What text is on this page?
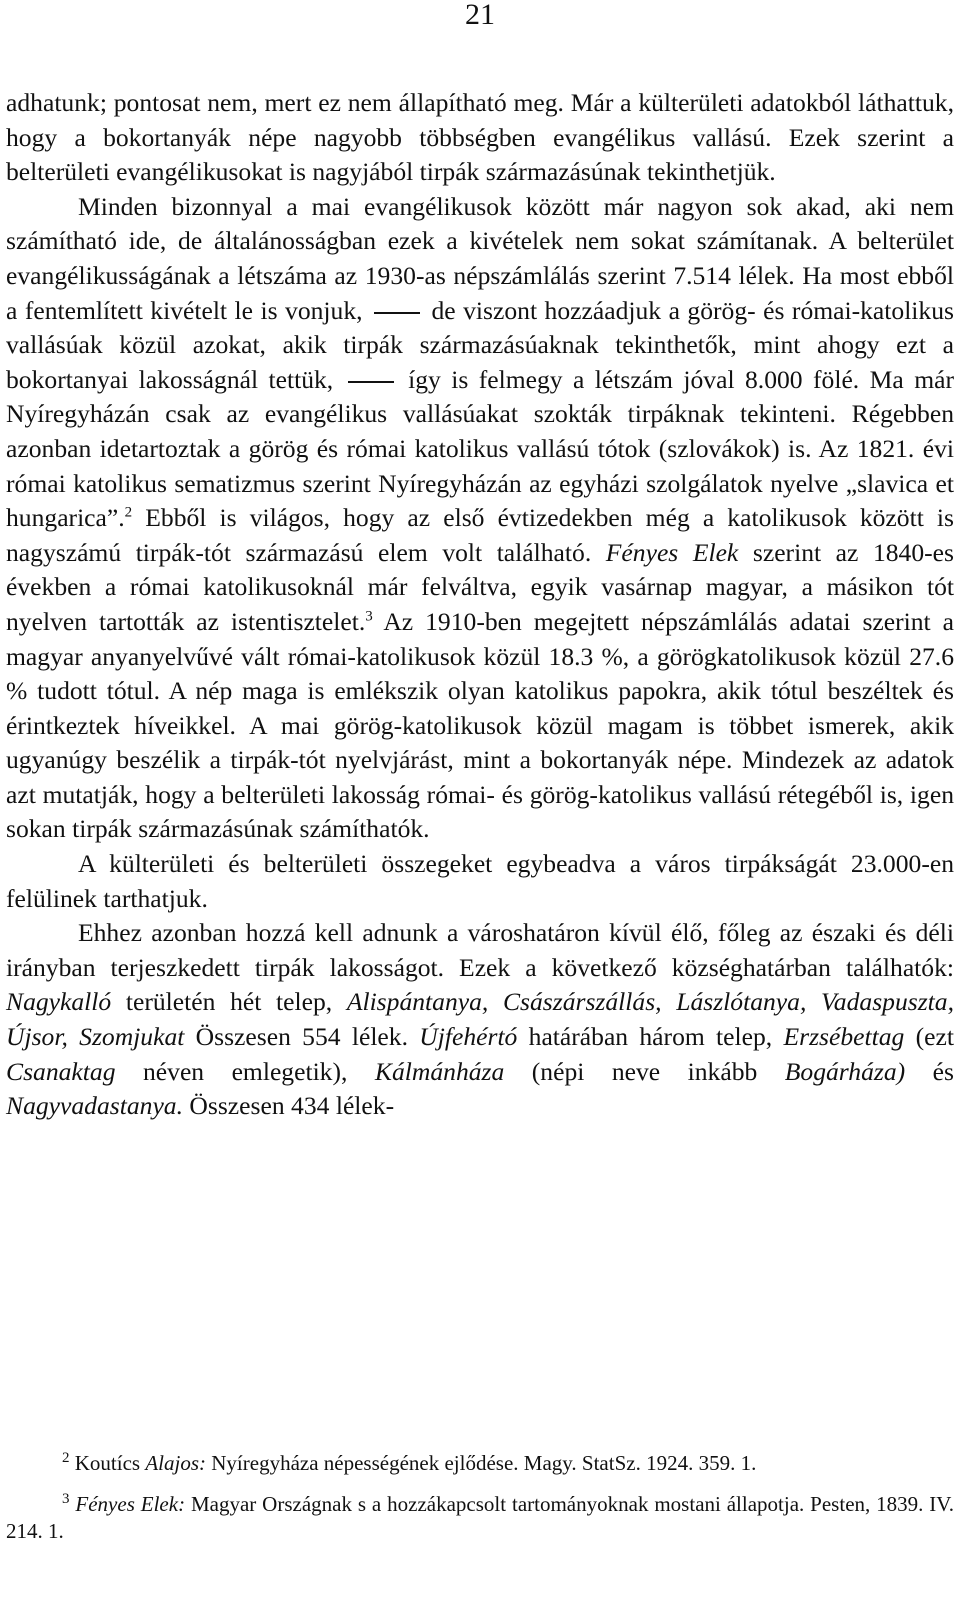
21

adhatunk; pontosat nem, mert ez nem állapítható meg. Már a külterületi adatokból láthattuk, hogy a bokortanyák népe nagyobb többségben evangélikus vallású. Ezek szerint a belterületi evangélikusokat is nagyjából tirpák származásúnak tekinthetjük.

Minden bizonnyal a mai evangélikusok között már nagyon sok akad, aki nem számítható ide, de általánosságban ezek a kivételek nem sokat számítanak. A belterület evangélikusságának a létszáma az 1930-as népszámlálás szerint 7.514 lélek. Ha most ebből a fentemlített kivételt le is vonjuk,	de viszont hozzáadjuk a görög- és római-katolikus vallásúak közül azokat, akik tirpák származásúaknak tekinthetők, mint ahogy ezt a bokortanyai lakosságnál tettük,	így is felmegy a létszám jóval 8.000 fölé. Ma már Nyíregyházán csak az evangélikus vallásúakat szokták tirpáknak tekinteni. Régebben azonban idetartoztak a görög és római katolikus vallású tótok (szlovákok) is. Az 1821. évi római katolikus sematizmus szerint Nyíregyházán az egyházi szolgálatok nyelve „slavica et hungarica”.$^2$ Ebből is világos, hogy az első évtizedekben még a katolikusok között is nagyszámú tirpák-tót származású elem volt található. Fényes Elek szerint az 1840-es években a római katolikusoknál már felváltva, egyik vasárnap magyar, a másikon tót nyelven tartották az istentisztelet.$^3$ Az 1910-ben megejtett népszámlálás adatai szerint a magyar anyanyelvűvé vált római-katolikusok közül 18.3 %, a görögkatolikusok közül 27.6 % tudott tótul. A nép maga is emlékszik olyan katolikus papokra, akik tótul beszéltek és érintkeztek híveikkel. A mai görög-katolikusok közül magam is többet ismerek, akik ugyanúgy beszélik a tirpák-tót nyelvjárást, mint a bokortanyák népe. Mindezek az adatok azt mutatják, hogy a belterületi lakosság római- és görög-katolikus vallású rétegéből is, igen sokan tirpák származásúnak számíthatók.

A külterületi és belterületi összegeket egybeadva a város tirpákságát 23.000-en felülinek tarthatjuk.

Ehhez azonban hozzá kell adnunk a városhatáron kívül élő, főleg az északi és déli irányban terjeszkedett tirpák lakosságot. Ezek a következő községhatárban találhatók: Nagykalló területén hét telep, Alispántanya, Császárszállás, Lászlótanya, Vadaspuszta, Újsor, Szomjukat Összesen 554 lélek. Újfehértó határában három telep, Erzsébettag (ezt Csanaktag néven emlegetik), Kálmánháza (népi neve inkább Bogárháza) és Nagyvadastanya. Összesen 434 lélek-

$^2$ Koutícs Alajos: Nyíregyháza népességének ejlődése. Magy. StatSz. 1924. 359. 1.

$^3$ Fényes Elek: Magyar Országnak s a hozzákapcsolt tartományoknak mostani állapotja. Pesten, 1839. IV. 214. 1.
